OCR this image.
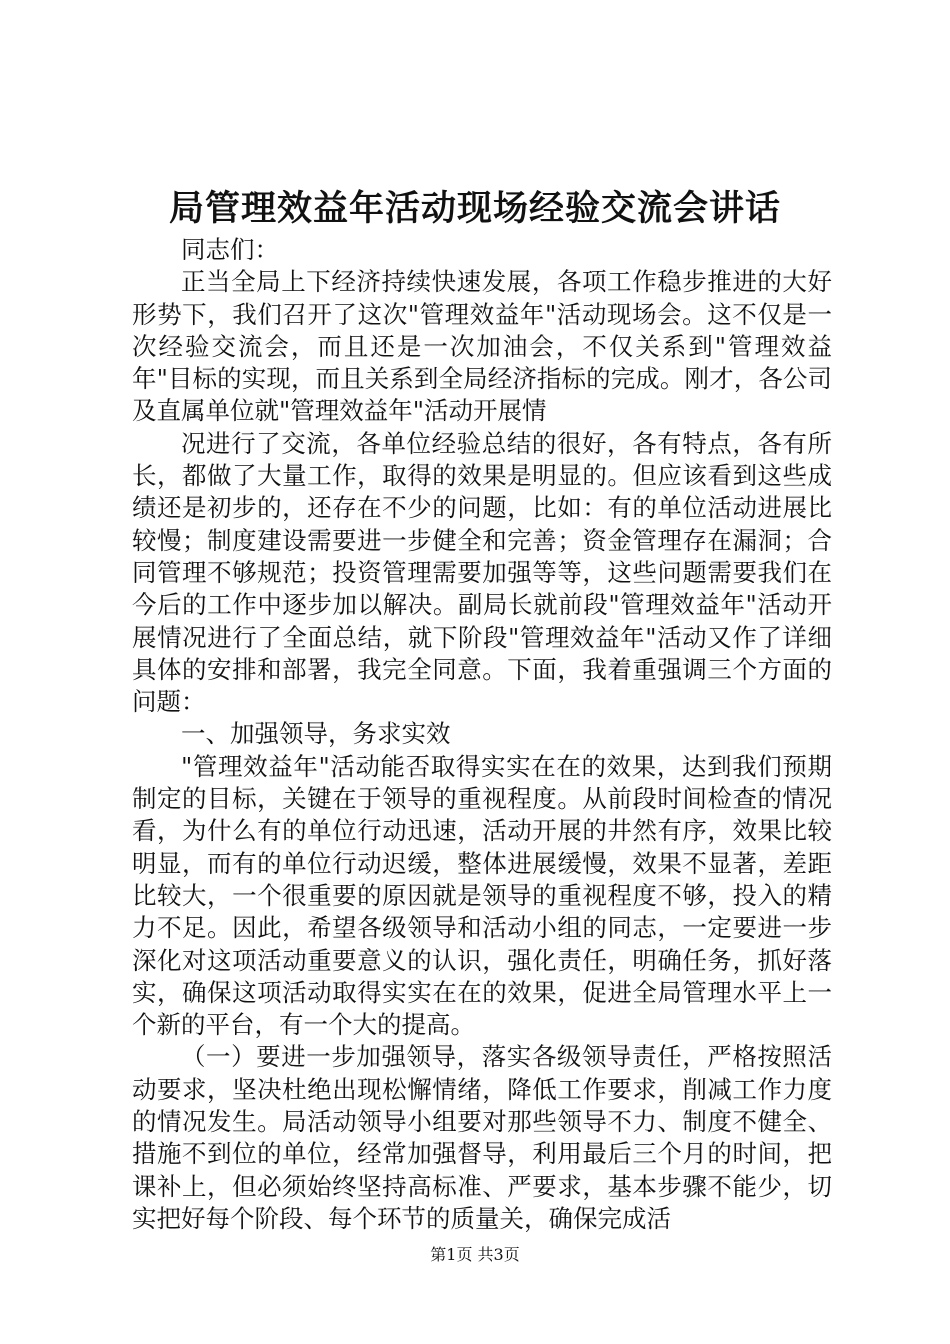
局管理效益年活动现场经验交流会讲话

同志们：

正当全局上下经济持续快速发展，各项工作稳步推进的大好形势下，我们召开了这次"管理效益年"活动现场会。这不仅是一次经验交流会，而且还是一次加油会，不仅关系到"管理效益年"目标的实现，而且关系到全局经济指标的完成。刚才，各公司及直属单位就"管理效益年"活动开展情

况进行了交流，各单位经验总结的很好，各有特点，各有所长，都做了大量工作，取得的效果是明显的。但应该看到这些成绩还是初步的，还存在不少的问题，比如：有的单位活动进展比较慢；制度建设需要进一步健全和完善；资金管理存在漏洞；合同管理不够规范；投资管理需要加强等等，这些问题需要我们在今后的工作中逐步加以解决。副局长就前段"管理效益年"活动开展情况进行了全面总结，就下阶段"管理效益年"活动又作了详细具体的安排和部署，我完全同意。下面，我着重强调三个方面的问题：

一、加强领导，务求实效

"管理效益年"活动能否取得实实在在的效果，达到我们预期制定的目标，关键在于领导的重视程度。从前段时间检查的情况看，为什么有的单位行动迅速，活动开展的井然有序，效果比较明显，而有的单位行动迟缓，整体进展缓慢，效果不显著，差距比较大，一个很重要的原因就是领导的重视程度不够，投入的精力不足。因此，希望各级领导和活动小组的同志，一定要进一步深化对这项活动重要意义的认识，强化责任，明确任务，抓好落实，确保这项活动取得实实在在的效果，促进全局管理水平上一个新的平台，有一个大的提高。

（一）要进一步加强领导，落实各级领导责任，严格按照活动要求，坚决杜绝出现松懈情绪，降低工作要求，削减工作力度的情况发生。局活动领导小组要对那些领导不力、制度不健全、措施不到位的单位，经常加强督导，利用最后三个月的时间，把课补上，但必须始终坚持高标准、严要求，基本步骤不能少，切实把好每个阶段、每个环节的质量关，确保完成活

第1页 共3页
